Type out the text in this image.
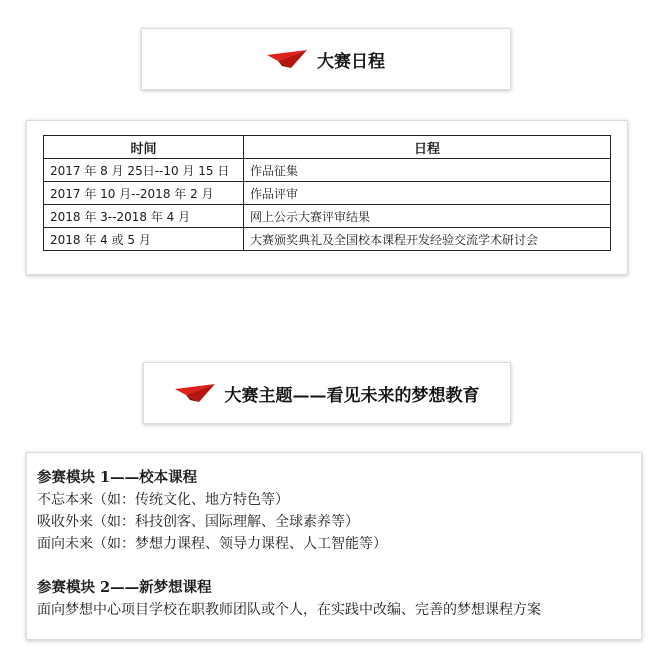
大赛日程
时间	日程
2017 年 8 月 25日--10 月 15 日	作品征集
2017 年 10 月--2018 年 2 月	作品评审
2018 年 3--2018 年 4 月	网上公示大赛评审结果
2018 年 4 或 5 月	大赛颁奖典礼及全国校本课程开发经验交流学术研讨会
大赛主题——看见未来的梦想教育
参赛模块 1——校本课程
不忘本来（如：传统文化、地方特色等）
吸收外来（如：科技创客、国际理解、全球素养等）
面向未来（如：梦想力课程、领导力课程、人工智能等）
参赛模块 2——新梦想课程
面向梦想中心项目学校在职教师团队或个人，在实践中改编、完善的梦想课程方案
